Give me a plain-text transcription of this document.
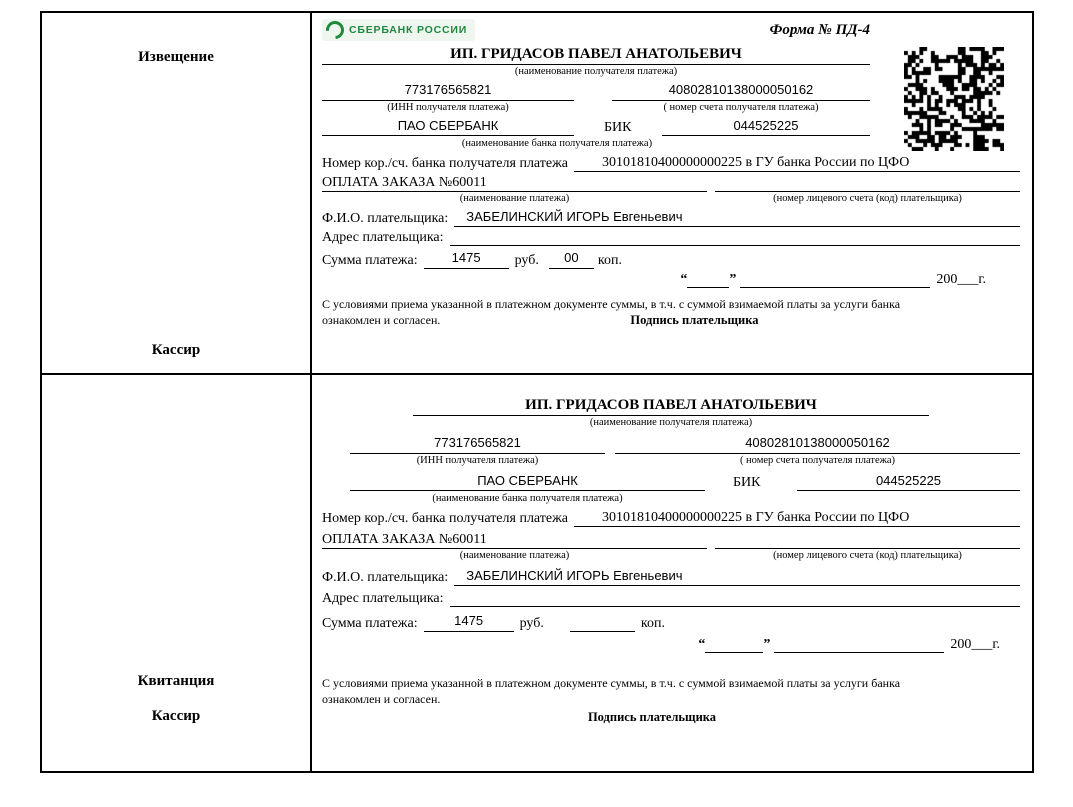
Извещение
Кассир
СБЕРБАНК РОССИИ	Форма № ПД-4
ИП. ГРИДАСОВ ПАВЕЛ АНАТОЛЬЕВИЧ
(наименование получателя платежа)
773176565821	40802810138000050162
(ИНН получателя платежа)	( номер счета получателя платежа)
ПАО СБЕРБАНК	БИК	044525225
(наименование банка получателя платежа)
Номер кор./сч. банка получателя платежа	30101810400000000225 в ГУ банка России по ЦФО
ОПЛАТА ЗАКАЗА №60011
(наименование платежа)	(номер лицевого счета (код) плательщика)
Ф.И.О. плательщика:	ЗАБЕЛИНСКИЙ ИГОРЬ Евгеньевич
Адрес плательщика:
Сумма платежа:	1475	руб.	00	коп.
“	”	200___г.
С условиями приема указанной в платежном документе суммы, в т.ч. с суммой взимаемой платы за услуги банка
ознакомлен и согласен.	Подпись плательщика
Квитанция
Кассир
ИП. ГРИДАСОВ ПАВЕЛ АНАТОЛЬЕВИЧ
(наименование получателя платежа)
773176565821	40802810138000050162
(ИНН получателя платежа)	( номер счета получателя платежа)
ПАО СБЕРБАНК	БИК	044525225
(наименование банка получателя платежа)
Номер кор./сч. банка получателя платежа	30101810400000000225 в ГУ банка России по ЦФО
ОПЛАТА ЗАКАЗА №60011
(наименование платежа)	(номер лицевого счета (код) плательщика)
Ф.И.О. плательщика:	ЗАБЕЛИНСКИЙ ИГОРЬ Евгеньевич
Адрес плательщика:
Сумма платежа:	1475	руб.	коп.
“	”	200___г.
С условиями приема указанной в платежном документе суммы, в т.ч. с суммой взимаемой платы за услуги банка
ознакомлен и согласен.
Подпись плательщика
